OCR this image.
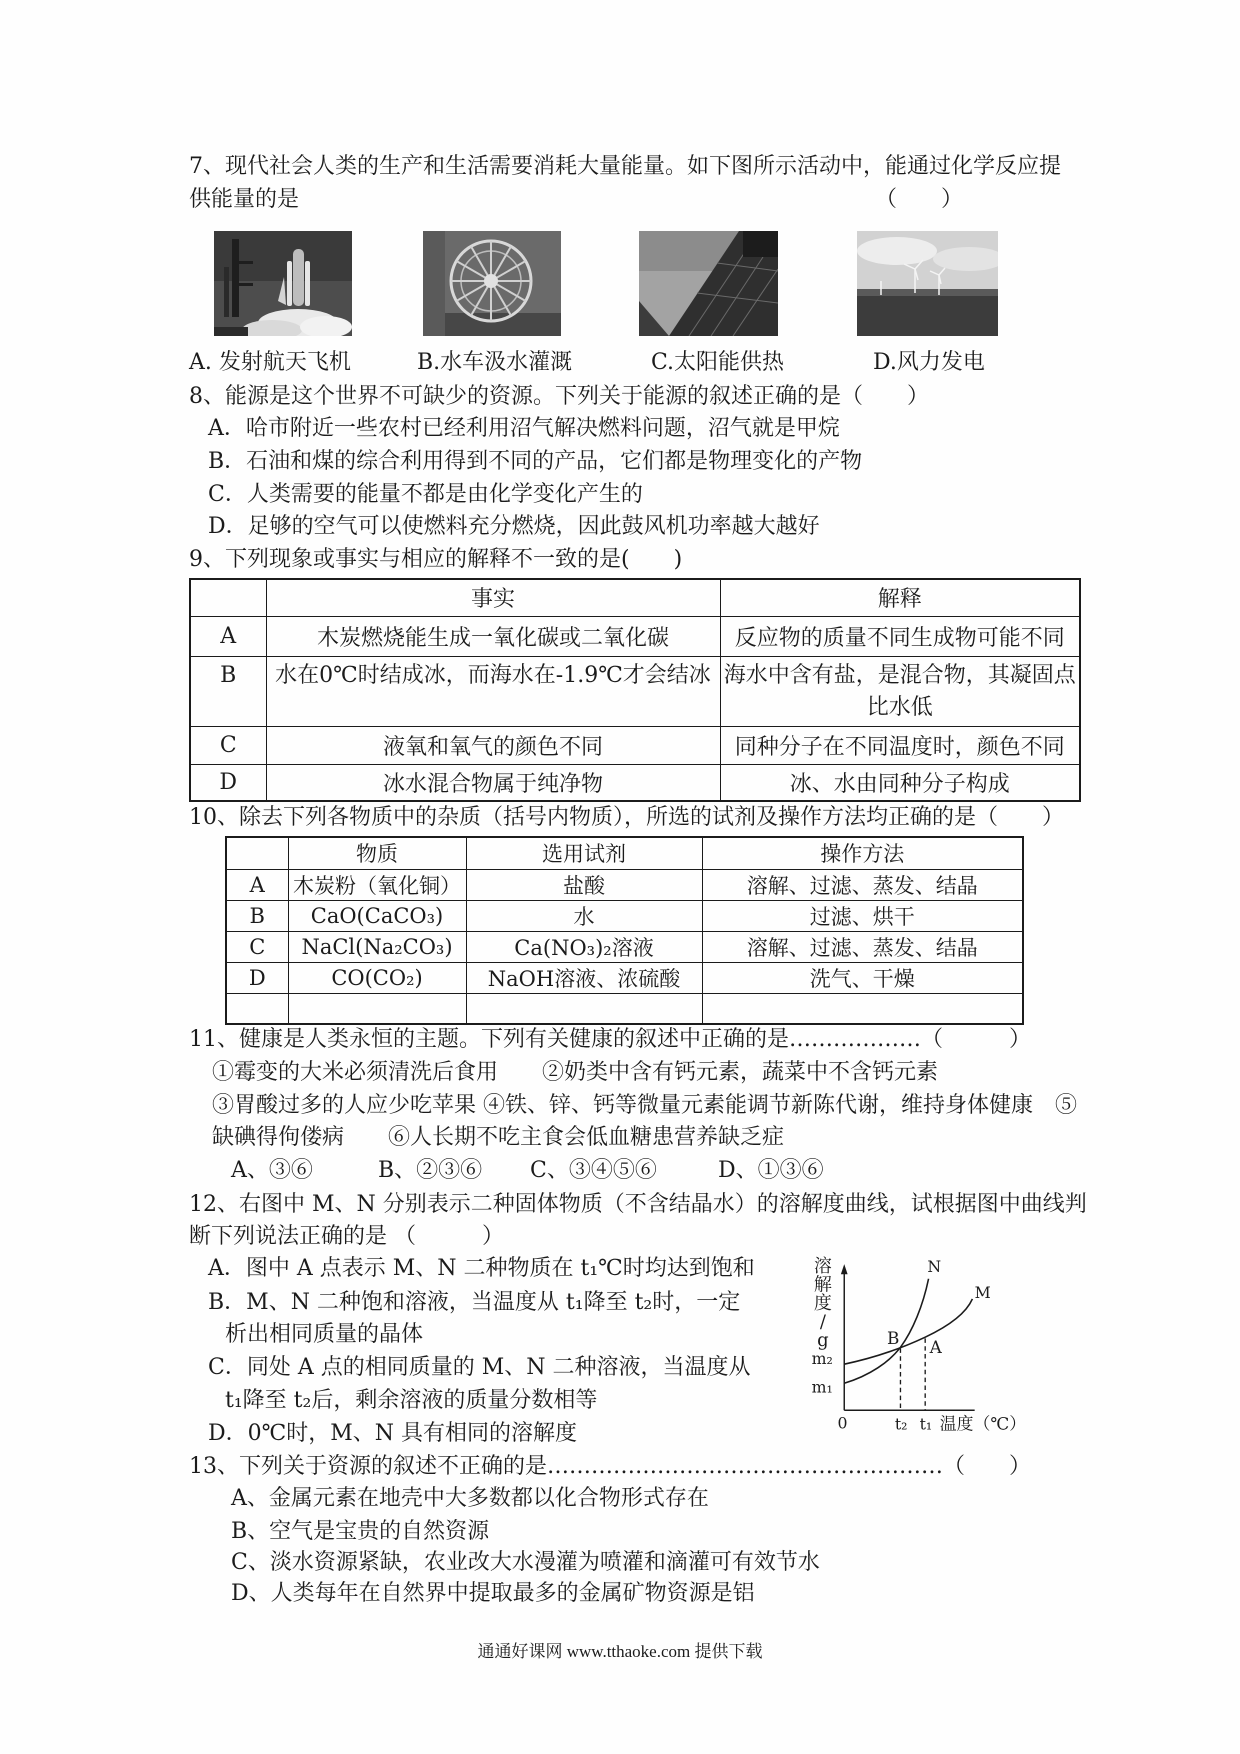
7、现代社会人类的生产和生活需要消耗大量能量。如下图所示活动中，能通过化学反应提
供能量的是	（　　）
A. 发射航天飞机	B.水车汲水灌溉	C.太阳能供热	D.风力发电
8、能源是这个世界不可缺少的资源。下列关于能源的叙述正确的是（　　）
A．哈市附近一些农村已经利用沼气解决燃料问题，沼气就是甲烷
B．石油和煤的综合利用得到不同的产品，它们都是物理变化的产物
C．人类需要的能量不都是由化学变化产生的
D．足够的空气可以使燃料充分燃烧，因此鼓风机功率越大越好
9、下列现象或事实与相应的解释不一致的是(　　)
	事实	解释
A	木炭燃烧能生成一氧化碳或二氧化碳	反应物的质量不同生成物可能不同

B	水在0℃时结成冰，而海水在-1.9℃才会结冰	海水中含有盐，是混合物，其凝固点
比水低

C	液氧和氧气的颜色不同	同种分子在不同温度时，颜色不同

D	冰水混合物属于纯净物	冰、水由同种分子构成
10、除去下列各物质中的杂质（括号内物质），所选的试剂及操作方法均正确的是（　　）
	物质	选用试剂	操作方法
A	木炭粉（氧化铜）	盐酸	溶解、过滤、蒸发、结晶
B	CaO(CaCO₃)	水	过滤、烘干
C	NaCl(Na₂CO₃)	Ca(NO₃)₂溶液	溶解、过滤、蒸发、结晶
D	CO(CO₂)	NaOH溶液、浓硫酸	洗气、干燥

11、健康是人类永恒的主题。下列有关健康的叙述中正确的是………………（　　　）
①霉变的大米必须清洗后食用　　②奶类中含有钙元素，蔬菜中不含钙元素
③胃酸过多的人应少吃苹果 ④铁、锌、钙等微量元素能调节新陈代谢，维持身体健康　⑤
缺碘得佝偻病　　⑥人长期不吃主食会低血糖患营养缺乏症
A、③⑥	B、②③⑥ C、③④⑤⑥	D、①③⑥
12、右图中 M、N 分别表示二种固体物质（不含结晶水）的溶解度曲线，试根据图中曲线判
断下列说法正确的是 （　　　）
A．图中 A 点表示 M、N 二种物质在 t₁℃时均达到饱和
B．M、N 二种饱和溶液，当温度从 t₁降至 t₂时，一定
析出相同质量的晶体
C．同处 A 点的相同质量的 M、N 二种溶液，当温度从
t₁降至 t₂后，剩余溶液的质量分数相等
D．0℃时，M、N 具有相同的溶解度
溶解度/ g
m₂
m₁
0	t₂ t₁ 温度（℃）
N
M
B A
13、下列关于资源的叙述不正确的是………………………………………………（　　）
A、金属元素在地壳中大多数都以化合物形式存在
B、空气是宝贵的自然资源
C、淡水资源紧缺，农业改大水漫灌为喷灌和滴灌可有效节水
D、人类每年在自然界中提取最多的金属矿物资源是铝
通通好课网 www.tthaoke.com 提供下载
